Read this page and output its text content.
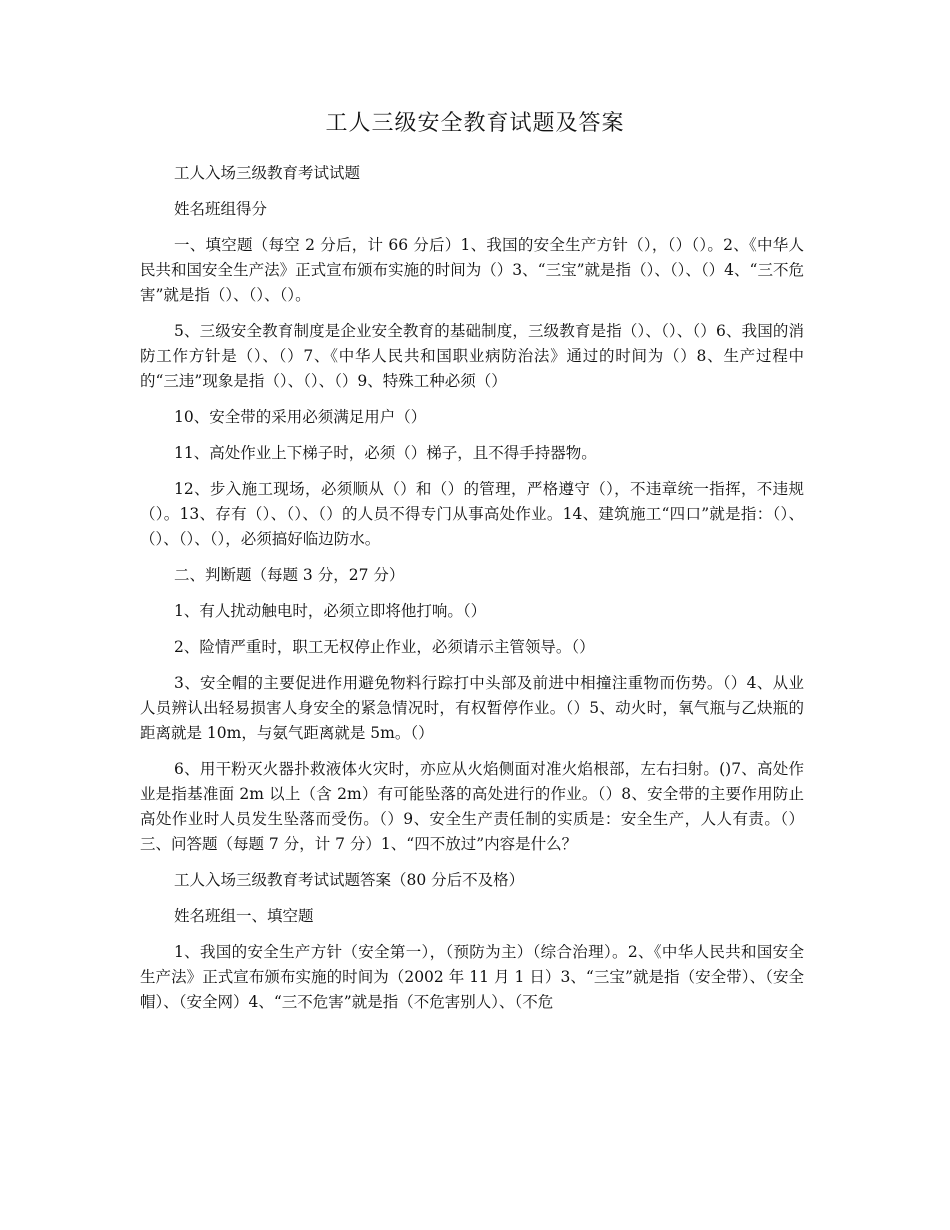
工人三级安全教育试题及答案

工人入场三级教育考试试题

姓名班组得分

一、填空题（每空 2 分后，计 66 分后）1、我国的安全生产方针（），（）（）。2、《中华人民共和国安全生产法》正式宣布颁布实施的时间为（）3、“三宝”就是指（）、（）、（）4、“三不危害”就是指（）、（）、（）。

5、三级安全教育制度是企业安全教育的基础制度，三级教育是指（）、（）、（）6、我国的消防工作方针是（）、（）7、《中华人民共和国职业病防治法》通过的时间为（）8、生产过程中的“三违”现象是指（）、（）、（）9、特殊工种必须（）

10、安全带的采用必须满足用户（）

11、高处作业上下梯子时，必须（）梯子，且不得手持器物。

12、步入施工现场，必须顺从（）和（）的管理，严格遵守（），不违章统一指挥，不违规（）。13、存有（）、（）、（）的人员不得专门从事高处作业。14、建筑施工“四口”就是指：（）、（）、（）、（），必须搞好临边防水。

二、判断题（每题 3 分，27 分）

1、有人扰动触电时，必须立即将他打响。（）

2、险情严重时，职工无权停止作业，必须请示主管领导。（）

3、安全帽的主要促进作用避免物料行踪打中头部及前进中相撞注重物而伤势。（）4、从业人员辨认出轻易损害人身安全的紧急情况时，有权暂停作业。（）5、动火时，氧气瓶与乙炔瓶的距离就是 10m，与氨气距离就是 5m。（）

6、用干粉灭火器扑救液体火灾时，亦应从火焰侧面对准火焰根部，左右扫射。()7、高处作业是指基准面 2m 以上（含 2m）有可能坠落的高处进行的作业。（）8、安全带的主要作用防止高处作业时人员发生坠落而受伤。（）9、安全生产责任制的实质是：安全生产，人人有责。（）三、问答题（每题 7 分，计 7 分）1、“四不放过”内容是什么？

工人入场三级教育考试试题答案（80 分后不及格）

姓名班组一、填空题

1、我国的安全生产方针（安全第一），（预防为主）（综合治理）。2、《中华人民共和国安全生产法》正式宣布颁布实施的时间为（2002 年 11 月 1 日）3、“三宝”就是指（安全带）、（安全帽）、（安全网）4、“三不危害”就是指（不危害别人）、（不危
